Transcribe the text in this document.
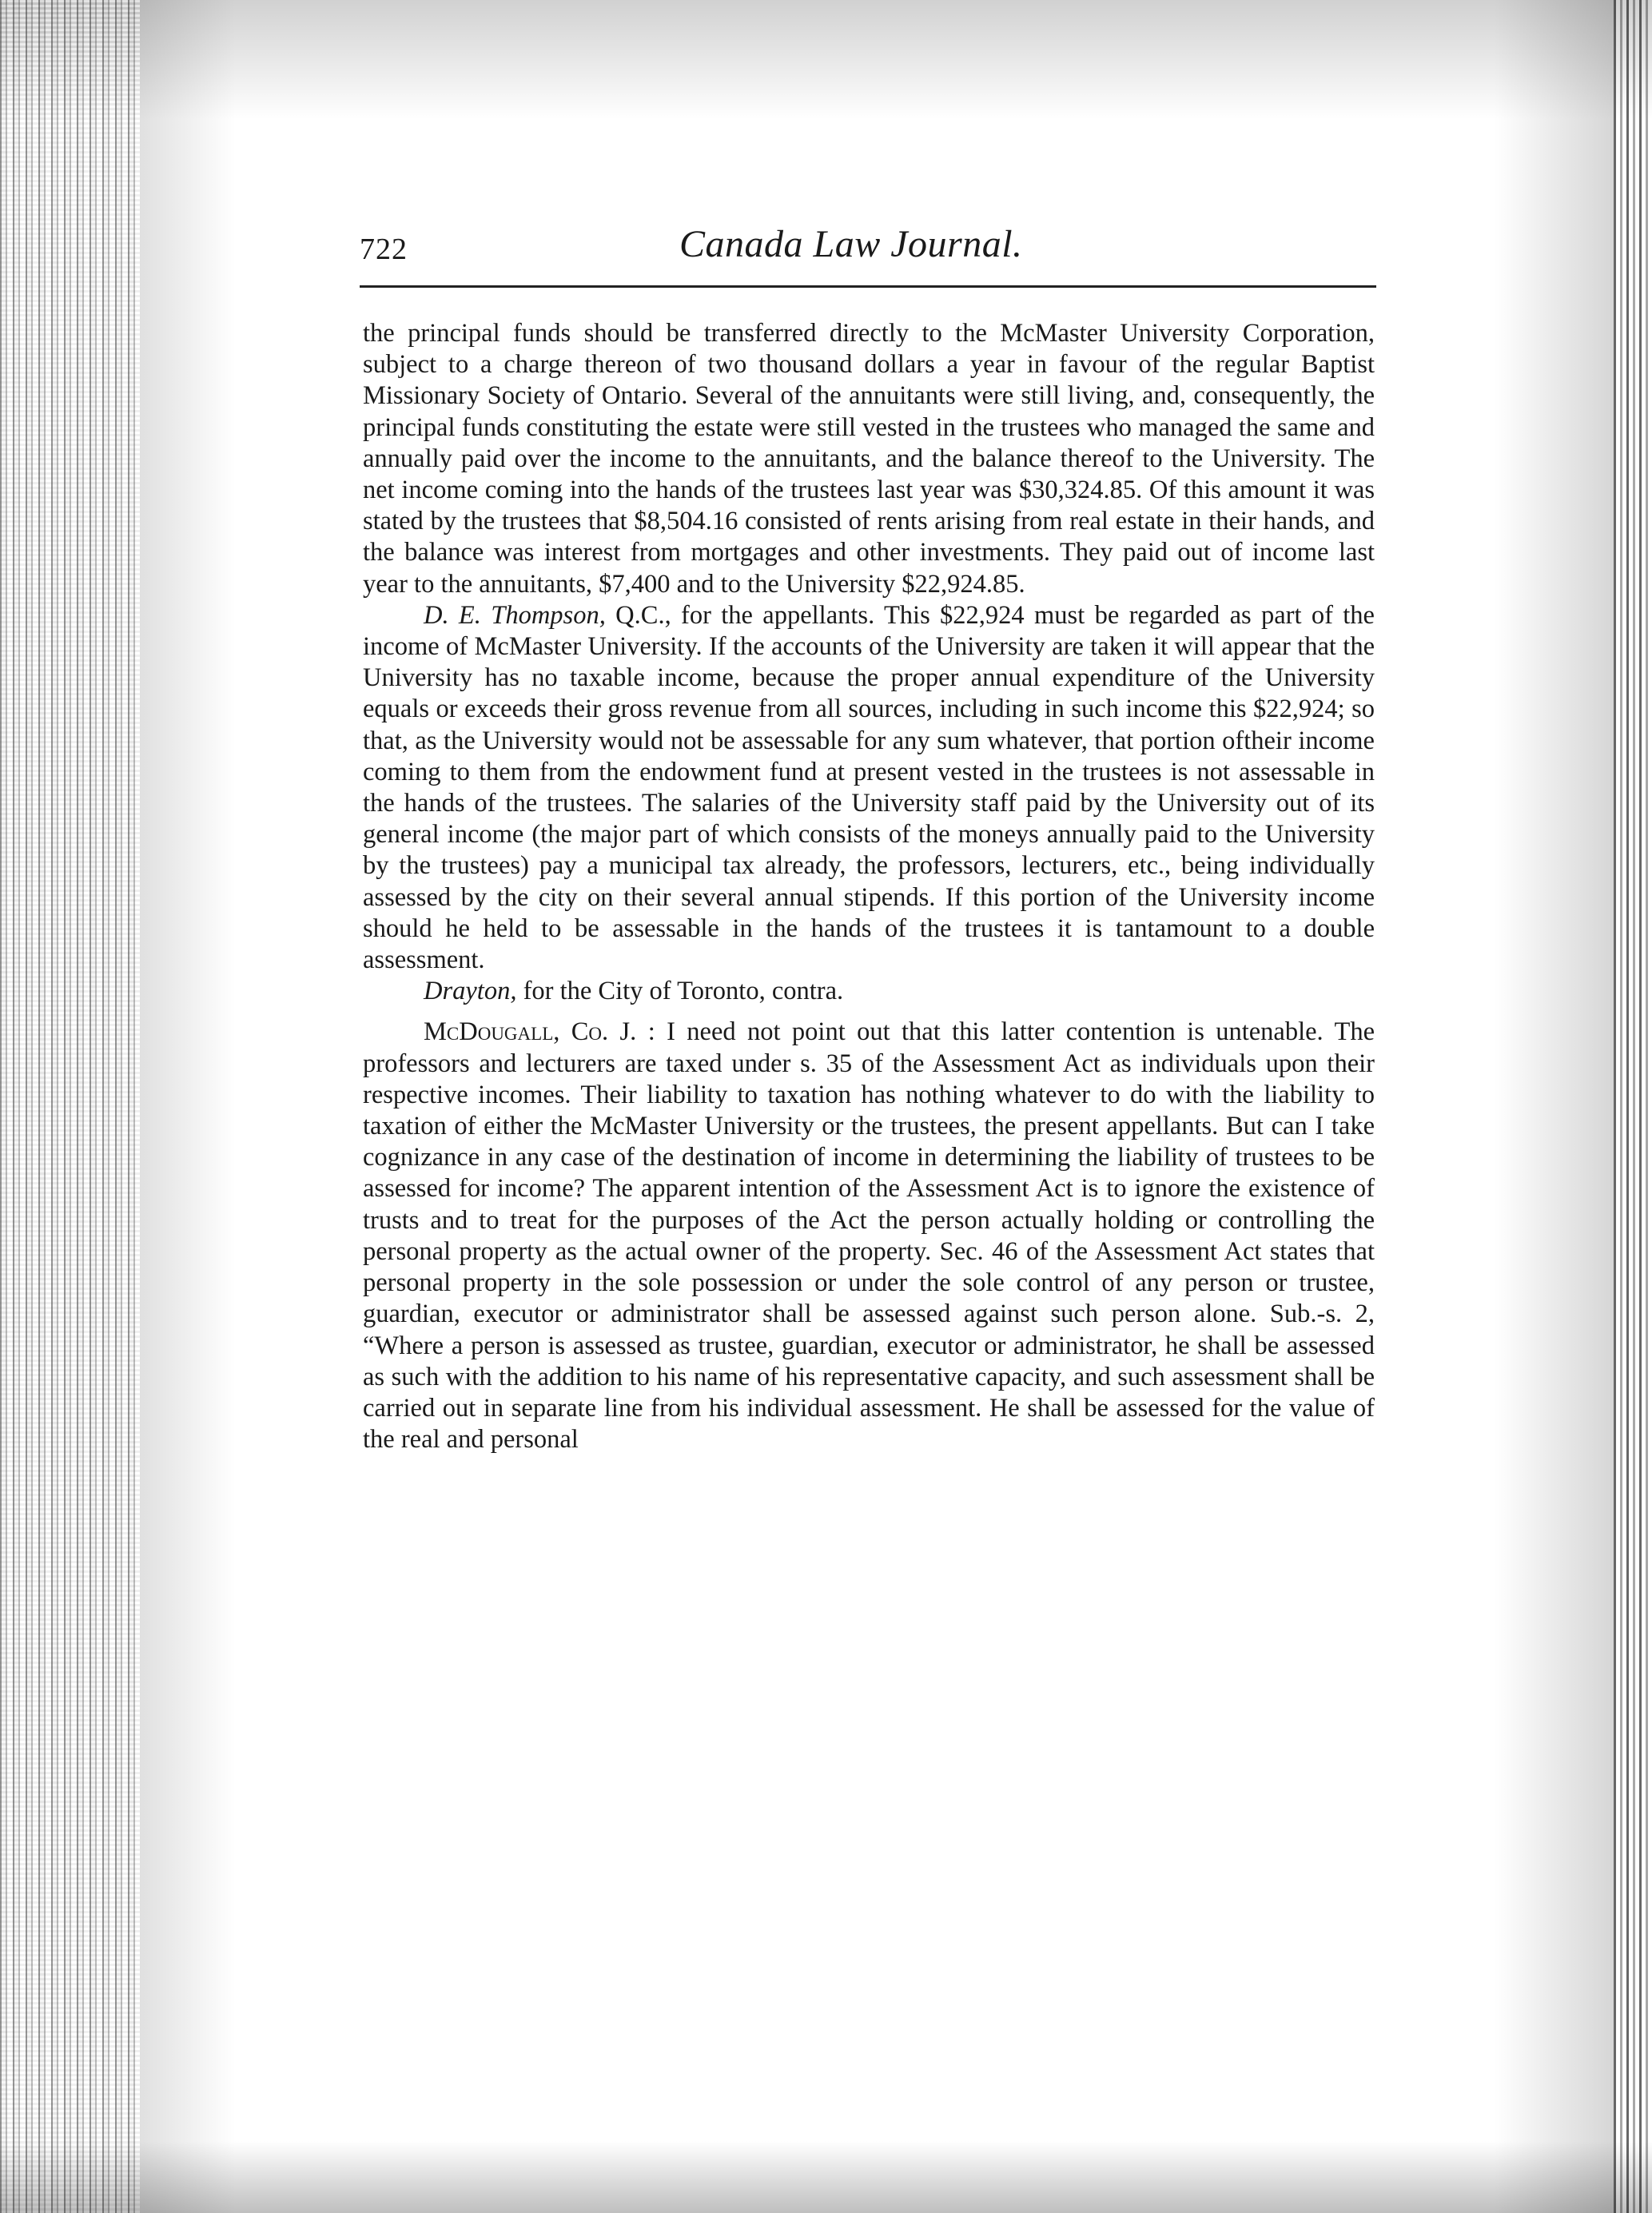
722	Canada Law Journal.

the principal funds should be transferred directly to the McMaster University Corporation, subject to a charge thereon of two thousand dollars a year in favour of the regular Baptist Missionary Society of Ontario. Several of the annuitants were still living, and, consequently, the principal funds constituting the estate were still vested in the trustees who managed the same and annually paid over the income to the annuitants, and the balance thereof to the University. The net income coming into the hands of the trustees last year was $30,324.85. Of this amount it was stated by the trustees that $8,504.16 consisted of rents arising from real estate in their hands, and the balance was interest from mortgages and other investments. They paid out of income last year to the annuitants, $7,400 and to the University $22,924.85.

D. E. Thompson, Q.C., for the appellants. This $22,924 must be regarded as part of the income of McMaster University. If the accounts of the University are taken it will appear that the University has no taxable income, because the proper annual expenditure of the University equals or exceeds their gross revenue from all sources, including in such income this $22,924; so that, as the University would not be assessable for any sum whatever, that portion oftheir income coming to them from the endowment fund at present vested in the trustees is not assessable in the hands of the trustees. The salaries of the University staff paid by the University out of its general income (the major part of which consists of the moneys annually paid to the University by the trustees) pay a municipal tax already, the professors, lecturers, etc., being individually assessed by the city on their several annual stipends. If this portion of the University income should he held to be assessable in the hands of the trustees it is tantamount to a double assessment.

Drayton, for the City of Toronto, contra.

McDougall, Co. J. : I need not point out that this latter contention is untenable. The professors and lecturers are taxed under s. 35 of the Assessment Act as individuals upon their respective incomes. Their liability to taxation has nothing whatever to do with the liability to taxation of either the McMaster University or the trustees, the present appellants. But can I take cognizance in any case of the destination of income in determining the liability of trustees to be assessed for income? The apparent intention of the Assessment Act is to ignore the existence of trusts and to treat for the purposes of the Act the person actually holding or controlling the personal property as the actual owner of the property. Sec. 46 of the Assessment Act states that personal property in the sole possession or under the sole control of any person or trustee, guardian, executor or administrator shall be assessed against such person alone. Sub.-s. 2, “Where a person is assessed as trustee, guardian, executor or administrator, he shall be assessed as such with the addition to his name of his representative capacity, and such assessment shall be carried out in separate line from his individual assessment. He shall be assessed for the value of the real and personal
